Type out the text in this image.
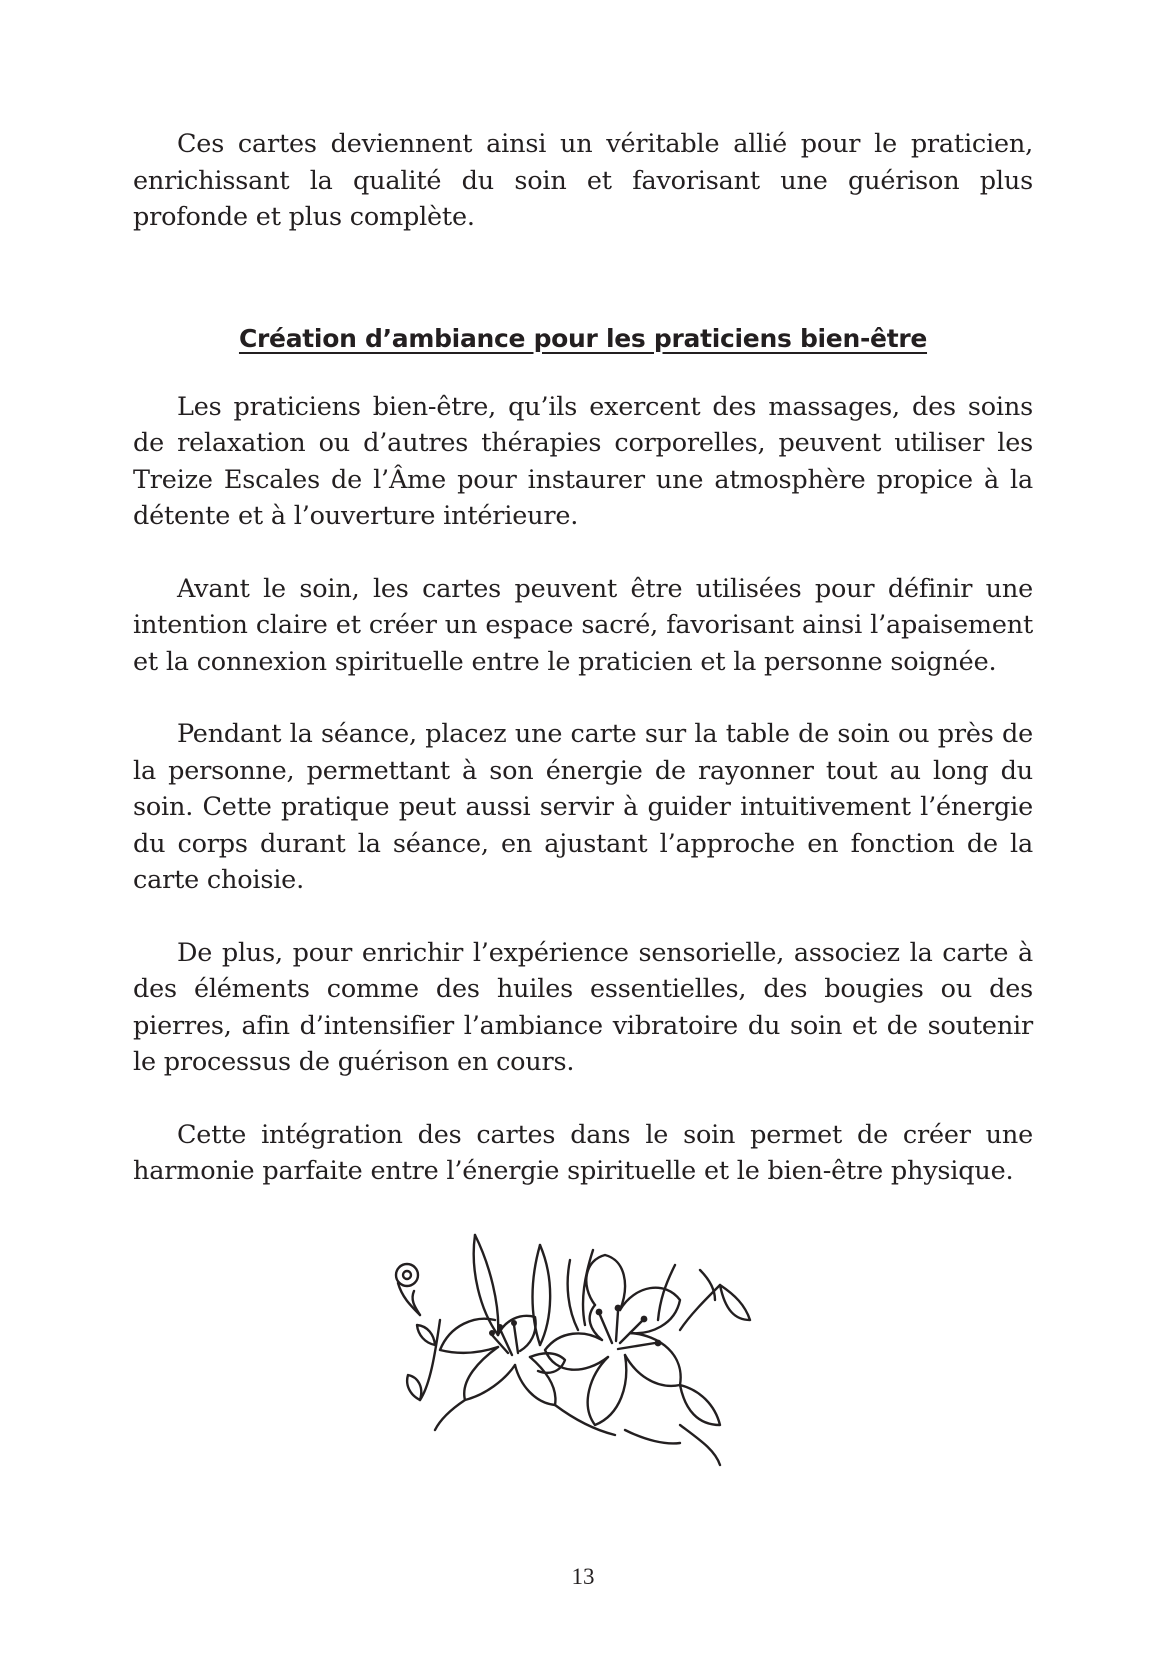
Ces cartes deviennent ainsi un véritable allié pour le praticien, enrichissant la qualité du soin et favorisant une guérison plus profonde et plus complète.

Création d’ambiance pour les praticiens bien-être

Les praticiens bien-être, qu’ils exercent des massages, des soins de relaxation ou d’autres thérapies corporelles, peuvent utiliser les Treize Escales de l’Âme pour instaurer une atmosphère propice à la détente et à l’ouverture intérieure.

Avant le soin, les cartes peuvent être utilisées pour définir une intention claire et créer un espace sacré, favorisant ainsi l’apaisement et la connexion spirituelle entre le praticien et la personne soignée.

Pendant la séance, placez une carte sur la table de soin ou près de la personne, permettant à son énergie de rayonner tout au long du soin. Cette pratique peut aussi servir à guider intuitivement l’énergie du corps durant la séance, en ajustant l’approche en fonction de la carte choisie.

De plus, pour enrichir l’expérience sensorielle, associez la carte à des éléments comme des huiles essentielles, des bougies ou des pierres, afin d’intensifier l’ambiance vibratoire du soin et de soutenir le processus de guérison en cours.

Cette intégration des cartes dans le soin permet de créer une harmonie parfaite entre l’énergie spirituelle et le bien-être physique.

13
